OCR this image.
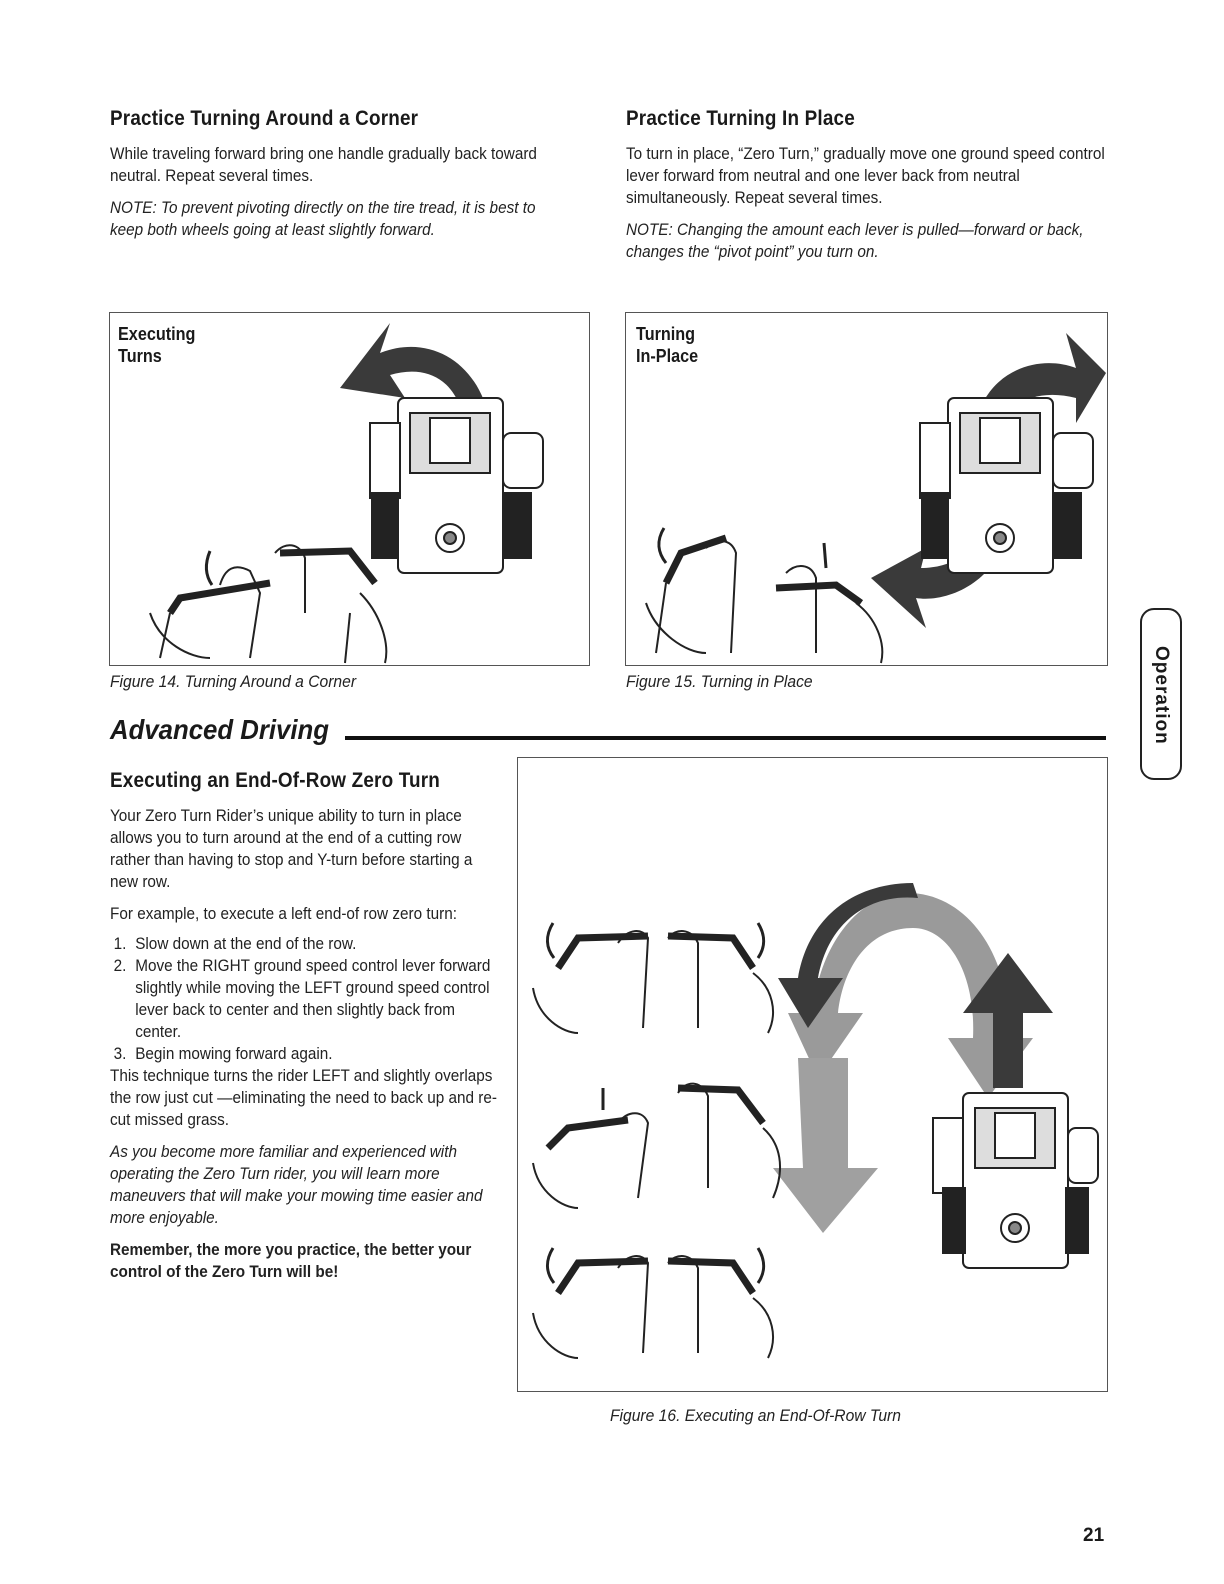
Practice Turning Around a Corner

While traveling forward bring one handle gradually back toward neutral. Repeat several times.

NOTE: To prevent pivoting directly on the tire tread, it is best to keep both wheels going at least slightly forward.

Practice Turning In Place

To turn in place, “Zero Turn,” gradually move one ground speed control lever forward from neutral and one lever back from neutral simultaneously. Repeat several times.

NOTE: Changing the amount each lever is pulled—forward or back, changes the “pivot point” you turn on.

Executing
Turns
Figure 14. Turning Around a Corner
Turning
In-Place
Figure 15. Turning in Place
Advanced Driving
Executing an End-Of-Row Zero Turn

Your Zero Turn Rider’s unique ability to turn in place allows you to turn around at the end of a cutting row rather than having to stop and Y-turn before starting a new row.

For example, to execute a left end-of row zero turn:

1. Slow down at the end of the row.
2. Move the RIGHT ground speed control lever forward slightly while moving the LEFT ground speed control lever back to center and then slightly back from center.
3. Begin mowing forward again.

This technique turns the rider LEFT and slightly overlaps the row just cut —eliminating the need to back up and re-cut missed grass.

As you become more familiar and experienced with operating the Zero Turn rider, you will learn more maneuvers that will make your mowing time easier and more enjoyable.

Remember, the more you practice, the better your control of the Zero Turn will be!

Figure 16. Executing an End-Of-Row Turn
Operation
21
